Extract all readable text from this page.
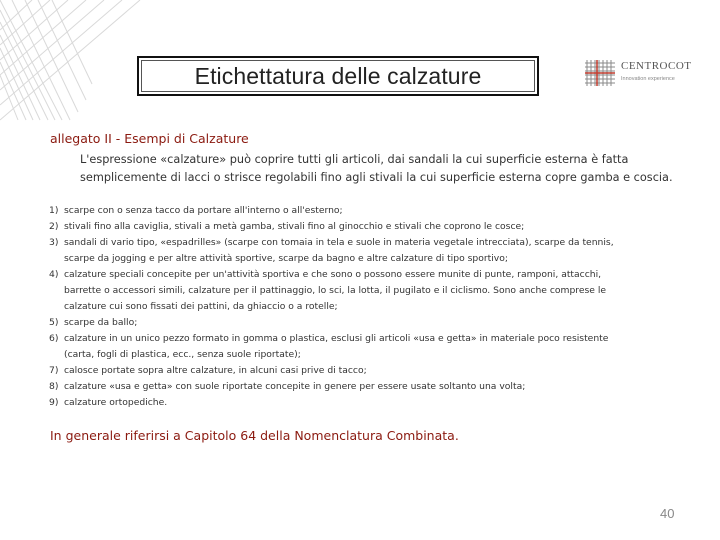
Etichettatura delle calzature	CENTROCOT
Innovation experience
allegato II - Esempi di Calzature
L'espressione «calzature» può coprire tutti gli articoli, dai sandali la cui superficie esterna è fatta
semplicemente di lacci o strisce regolabili fino agli stivali la cui superficie esterna copre gamba e coscia.
1) scarpe con o senza tacco da portare all'interno o all'esterno;
2) stivali fino alla caviglia, stivali a metà gamba, stivali fino al ginocchio e stivali che coprono le cosce;
3) sandali di vario tipo, «espadrilles» (scarpe con tomaia in tela e suole in materia vegetale intrecciata), scarpe da tennis,
scarpe da jogging e per altre attività sportive, scarpe da bagno e altre calzature di tipo sportivo;
4) calzature speciali concepite per un'attività sportiva e che sono o possono essere munite di punte, ramponi, attacchi,
barrette o accessori simili, calzature per il pattinaggio, lo sci, la lotta, il pugilato e il ciclismo. Sono anche comprese le
calzature cui sono fissati dei pattini, da ghiaccio o a rotelle;
5) scarpe da ballo;
6) calzature in un unico pezzo formato in gomma o plastica, esclusi gli articoli «usa e getta» in materiale poco resistente
(carta, fogli di plastica, ecc., senza suole riportate);
7) calosce portate sopra altre calzature, in alcuni casi prive di tacco;
8) calzature «usa e getta» con suole riportate concepite in genere per essere usate soltanto una volta;
9) calzature ortopediche.
In generale riferirsi a Capitolo 64 della Nomenclatura Combinata.
40
